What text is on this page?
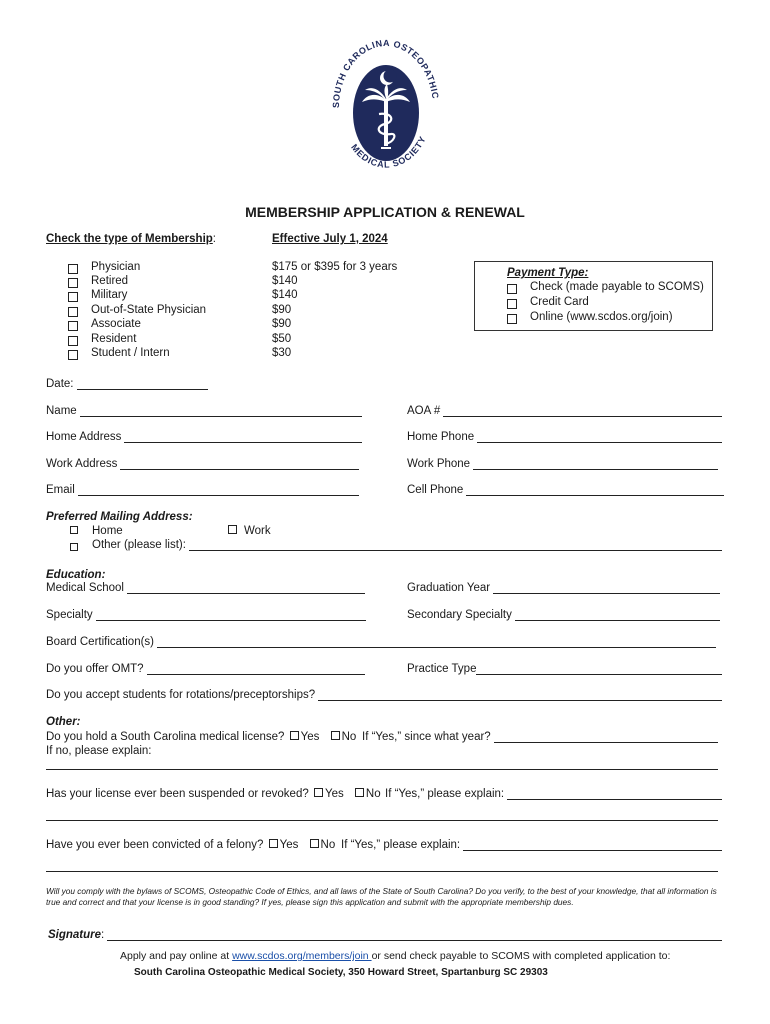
SOUTH CAROLINA OSTEOPATHIC
MEDICAL SOCIETY
MEMBERSHIP APPLICATION & RENEWAL
Check the type of Membership:	Effective July 1, 2024
Physician	$175 or $395 for 3 years
Retired	$140
Military	$140
Out-of-State Physician	$90
Associate	$90
Resident	$50
Student / Intern	$30
Payment Type:
Check (made payable to SCOMS)
Credit Card
Online (www.scdos.org/join)
Date:
Name	AOA #
Home Address	Home Phone
Work Address	Work Phone
Email	Cell Phone
Preferred Mailing Address:
Home	Work
Other (please list):
Education:
Medical School	Graduation Year
Specialty	Secondary Specialty
Board Certification(s)
Do you offer OMT?	Practice Type
Do you accept students for rotations/preceptorships?
Other:
Do you hold a South Carolina medical license? Yes No If “Yes,” since what year?
If no, please explain:
Has your license ever been suspended or revoked? Yes No If “Yes,” please explain:
Have you ever been convicted of a felony? Yes No If “Yes,” please explain:
Will you comply with the bylaws of SCOMS, Osteopathic Code of Ethics, and all laws of the State of South Carolina? Do you verify, to the best of your knowledge, that all information is true and correct and that your license is in good standing? If yes, please sign this application and submit with the appropriate membership dues.
Signature :
Apply and pay online at www.scdos.org/members/join or send check payable to SCOMS with completed application to:
South Carolina Osteopathic Medical Society, 350 Howard Street, Spartanburg SC 29303
